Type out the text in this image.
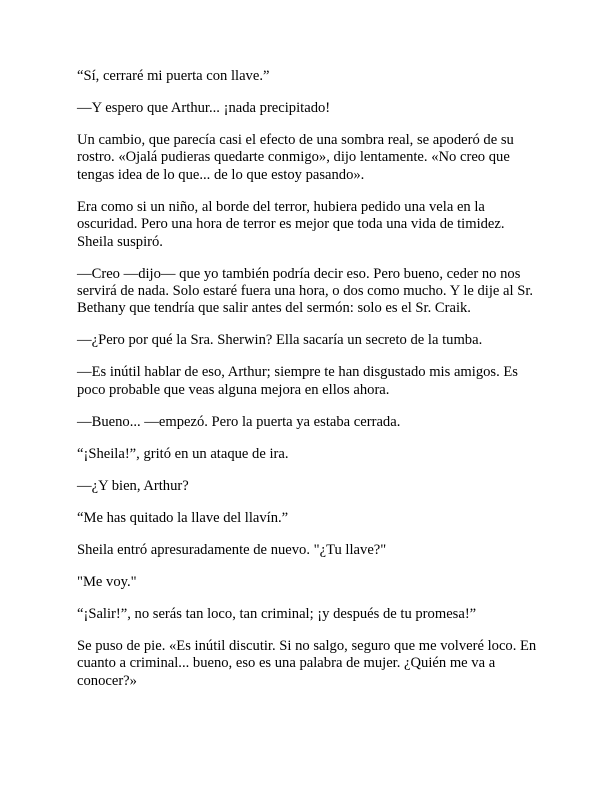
“Sí, cerraré mi puerta con llave.”

—Y espero que Arthur... ¡nada precipitado!

Un cambio, que parecía casi el efecto de una sombra real, se apoderó de su rostro. «Ojalá pudieras quedarte conmigo», dijo lentamente. «No creo que tengas idea de lo que... de lo que estoy pasando».

Era como si un niño, al borde del terror, hubiera pedido una vela en la oscuridad. Pero una hora de terror es mejor que toda una vida de timidez. Sheila suspiró.

—Creo —dijo— que yo también podría decir eso. Pero bueno, ceder no nos servirá de nada. Solo estaré fuera una hora, o dos como mucho. Y le dije al Sr. Bethany que tendría que salir antes del sermón: solo es el Sr. Craik.

—¿Pero por qué la Sra. Sherwin? Ella sacaría un secreto de la tumba.

—Es inútil hablar de eso, Arthur; siempre te han disgustado mis amigos. Es poco probable que veas alguna mejora en ellos ahora.

—Bueno... —empezó. Pero la puerta ya estaba cerrada.

“¡Sheila!”, gritó en un ataque de ira.

—¿Y bien, Arthur?

“Me has quitado la llave del llavín.”

Sheila entró apresuradamente de nuevo. "¿Tu llave?"

"Me voy."

“¡Salir!”, no serás tan loco, tan criminal; ¡y después de tu promesa!”

Se puso de pie. «Es inútil discutir. Si no salgo, seguro que me volveré loco. En cuanto a criminal... bueno, eso es una palabra de mujer. ¿Quién me va a conocer?»
